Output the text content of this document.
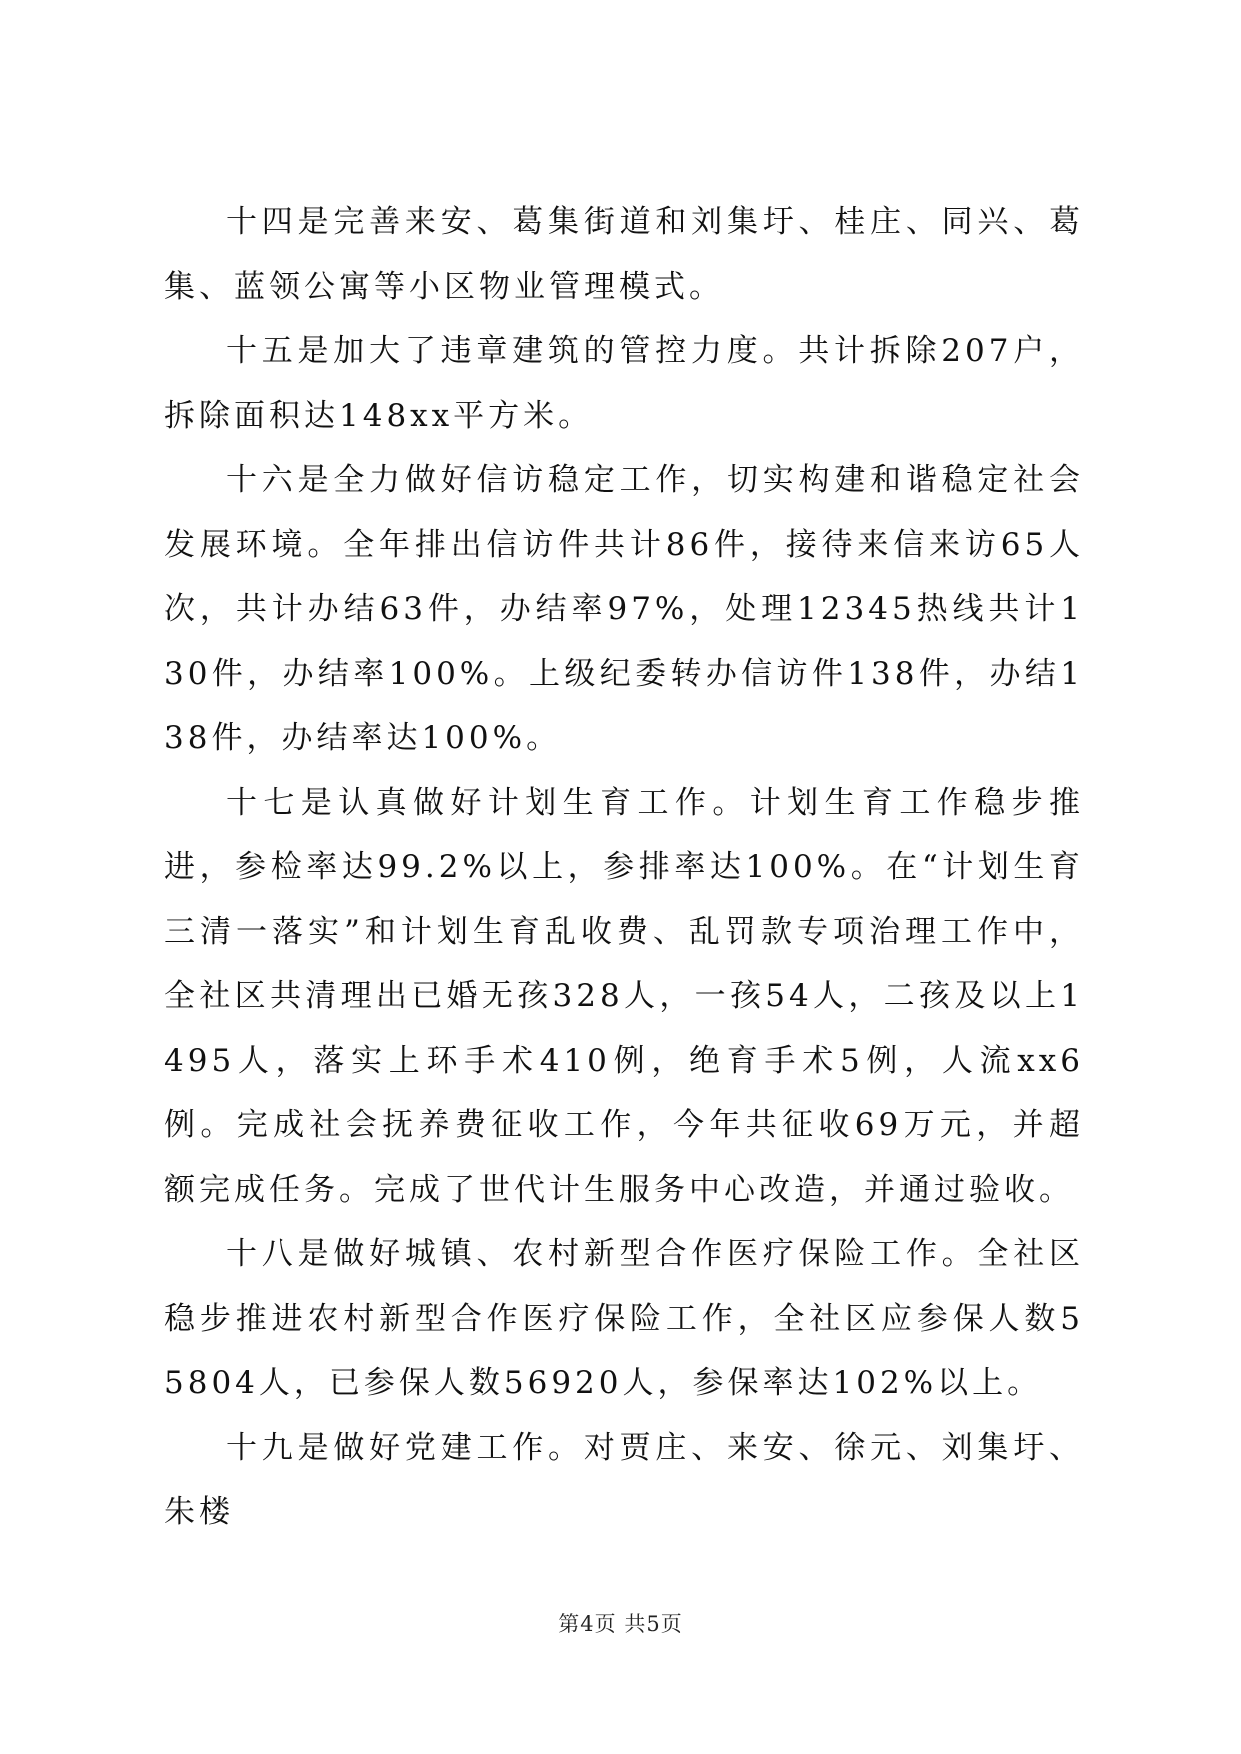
十四是完善来安、葛集街道和刘集圩、桂庄、同兴、葛集、蓝领公寓等小区物业管理模式。

十五是加大了违章建筑的管控力度。共计拆除207户，拆除面积达148xx平方米。

十六是全力做好信访稳定工作，切实构建和谐稳定社会发展环境。全年排出信访件共计86件，接待来信来访65人次，共计办结63件，办结率97%，处理12345热线共计130件，办结率100%。上级纪委转办信访件138件，办结138件，办结率达100%。

十七是认真做好计划生育工作。计划生育工作稳步推进，参检率达99.2%以上，参排率达100%。在“计划生育三清一落实”和计划生育乱收费、乱罚款专项治理工作中，全社区共清理出已婚无孩328人，一孩54人，二孩及以上1495人，落实上环手术410例，绝育手术5例，人流xx6例。完成社会抚养费征收工作，今年共征收69万元，并超额完成任务。完成了世代计生服务中心改造，并通过验收。

十八是做好城镇、农村新型合作医疗保险工作。全社区稳步推进农村新型合作医疗保险工作，全社区应参保人数55804人，已参保人数56920人，参保率达102%以上。

十九是做好党建工作。对贾庄、来安、徐元、刘集圩、朱楼

第4页 共5页
